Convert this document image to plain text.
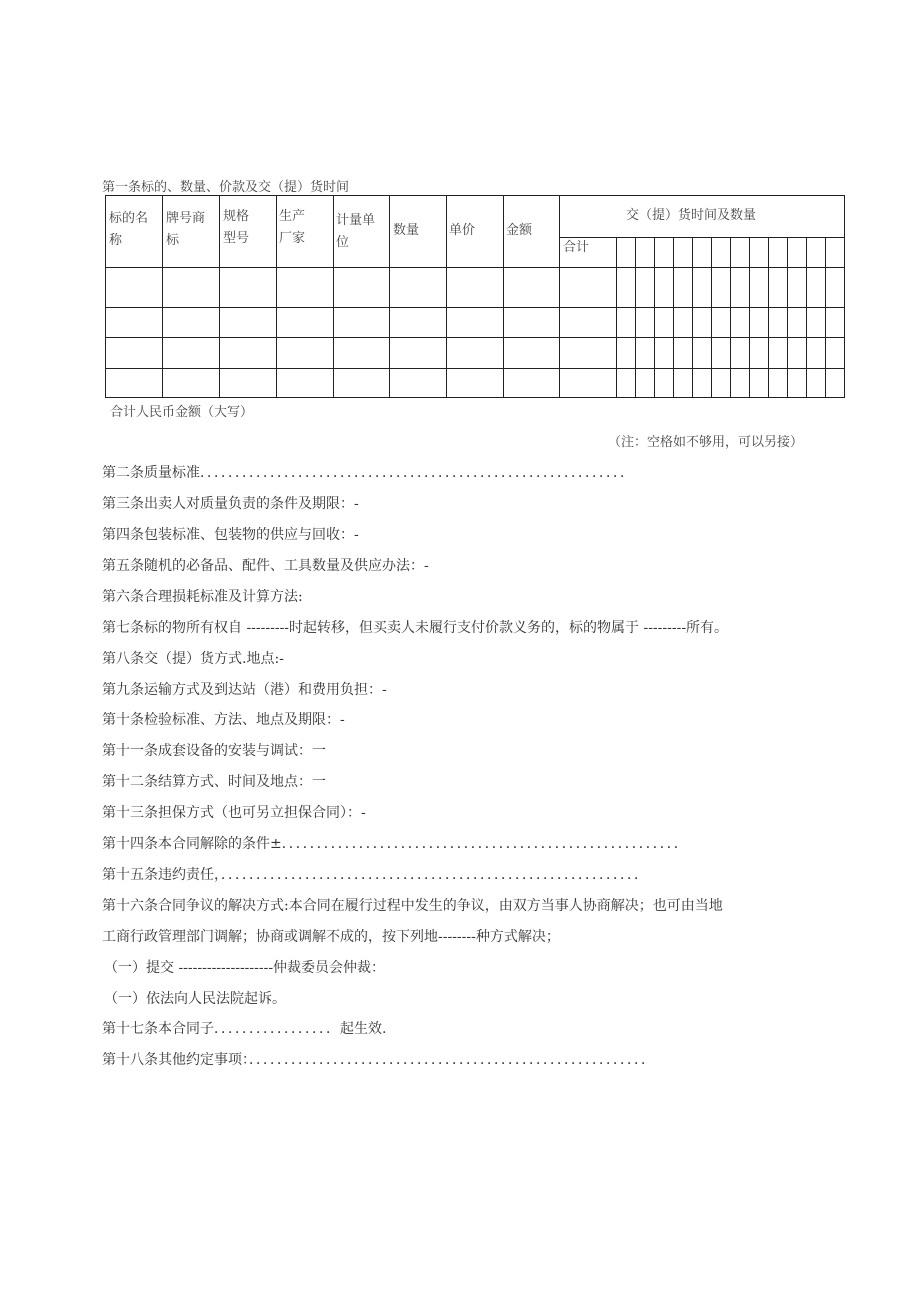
第一条标的、数量、价款及交（提）货时间
标的名称
牌号商标
规格型号
生产厂家
计量单位
数量 单价 金额
交（提）货时间及数量
合计
合计人民币金额（大写）
（注：空格如不够用，可以另接）
第二条质量标准．．．．．．．．．．．．．．．．．．．．．．．．．．．．．．．．．．．．．．．．．．．．．．．．．．．．．．．．．．．．．
第三条出卖人对质量负责的条件及期限：-
第四条包装标准、包装物的供应与回收：-
第五条随机的必备品、配件、工具数量及供应办法：-
第六条合理损耗标准及计算方法:
第七条标的物所有权自 ---------时起转移，但买卖人未履行支付价款义务的，标的物属于 ---------所有。
第八条交（提）货方式.地点:-
第九条运输方式及到达站（港）和费用负担：-
第十条检验标准、方法、地点及期限：-
第十一条成套设备的安装与调试：一
第十二条结算方式、时间及地点：一
第十三条担保方式（也可另立担保合同）：-
第十四条本合同解除的条件±．．．．．．．．．．．．．．．．．．．．．．．．．．．．．．．．．．．．．．．．．．．．．．．．．．．．．．．．．
第十五条违约责任，．．．．．．．．．．．．．．．．．．．．．．．．．．．．．．．．．．．．．．．．．．．．．．．．．．．．．．．．．．．．
第十六条合同争议的解决方式:本合同在履行过程中发生的争议，由双方当事人协商解决；也可由当地
工商行政管理部门调解；协商或调解不成的，按下列地--------种方式解决；
（一）提交 --------------------仲裁委员会仲裁：
（一）依法向人民法院起诉。
第十七条本合同子．．．．．．．．．．．．．．．．．起生效.
第十八条其他约定事项：．．．．．．．．．．．．．．．．．．．．．．．．．．．．．．．．．．．．．．．．．．．．．．．．．．．．．．．．．
